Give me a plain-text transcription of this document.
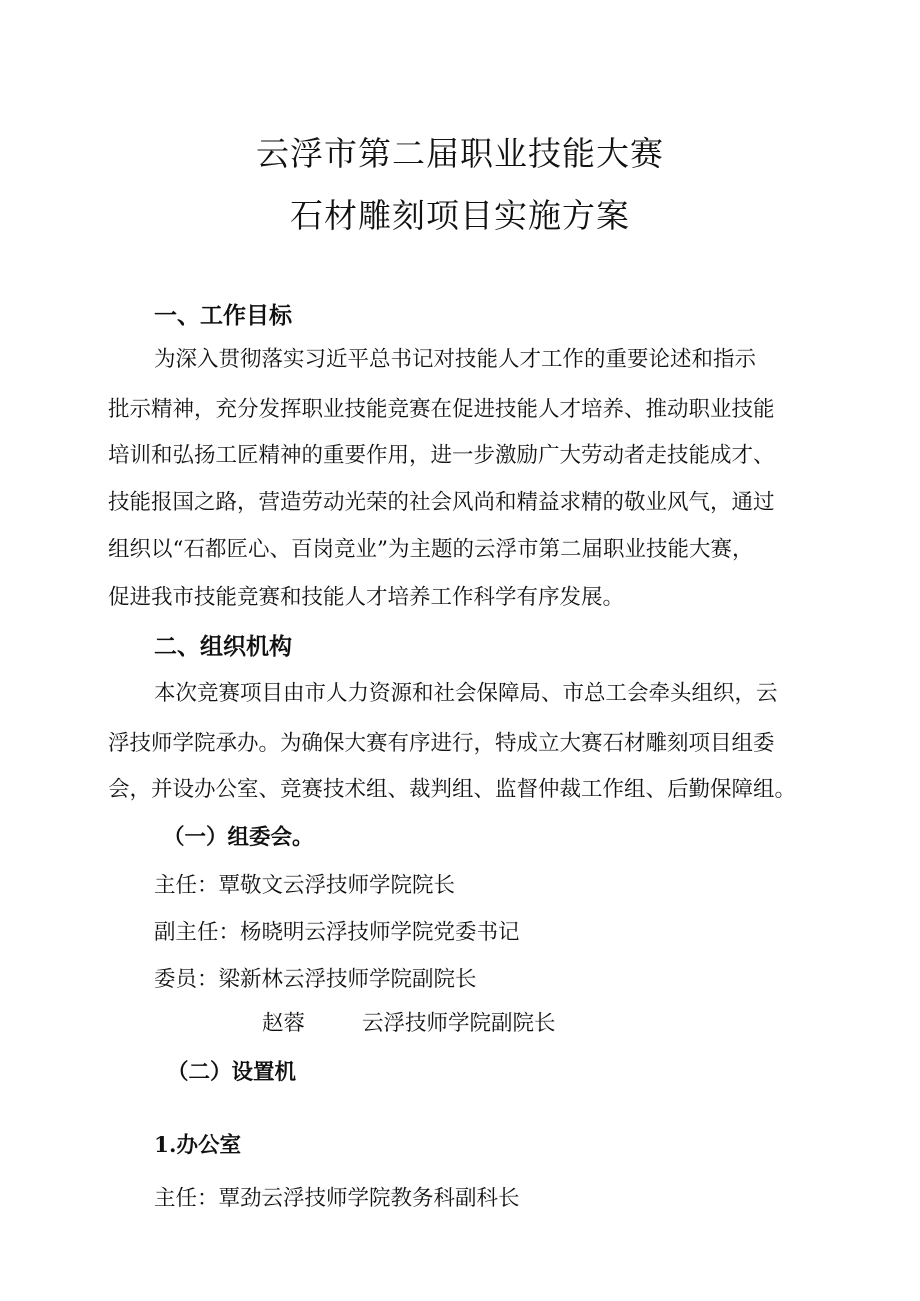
云浮市第二届职业技能大赛
石材雕刻项目实施方案
一、工作目标
为深入贯彻落实习近平总书记对技能人才工作的重要论述和指示
批示精神，充分发挥职业技能竞赛在促进技能人才培养、推动职业技能
培训和弘扬工匠精神的重要作用，进一步激励广大劳动者走技能成才、
技能报国之路，营造劳动光荣的社会风尚和精益求精的敬业风气，通过
组织以“石都匠心、百岗竞业”为主题的云浮市第二届职业技能大赛，
促进我市技能竞赛和技能人才培养工作科学有序发展。
二、组织机构
本次竞赛项目由市人力资源和社会保障局、市总工会牵头组织，云
浮技师学院承办。为确保大赛有序进行，特成立大赛石材雕刻项目组委
会，并设办公室、竞赛技术组、裁判组、监督仲裁工作组、后勤保障组。
（一）组委会。

主任：覃敬文云浮技师学院院长

副主任：杨晓明云浮技师学院党委书记

委员：梁新林云浮技师学院副院长

赵蓉	云浮技师学院副院长

（二）设置机
1.办公室

主任：覃劲云浮技师学院教务科副科长
